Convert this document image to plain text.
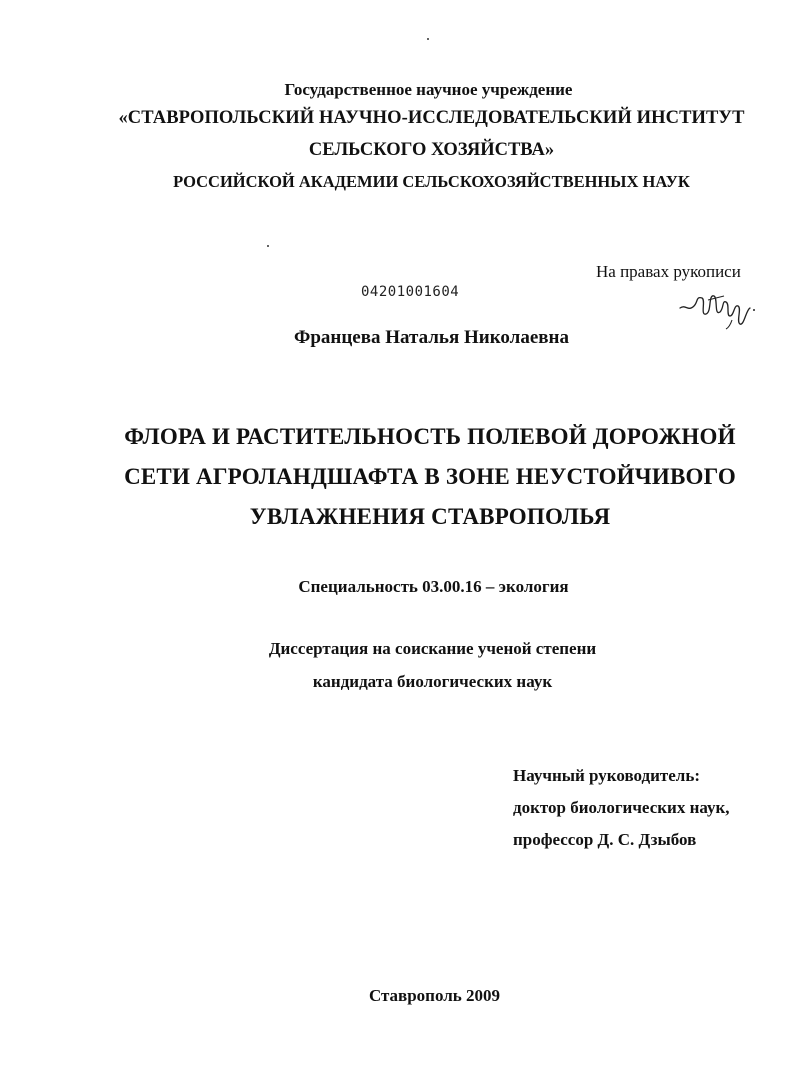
Государственное научное учреждение
«СТАВРОПОЛЬСКИЙ НАУЧНО-ИССЛЕДОВАТЕЛЬСКИЙ ИНСТИТУТ
СЕЛЬСКОГО ХОЗЯЙСТВА»
РОССИЙСКОЙ АКАДЕМИИ СЕЛЬСКОХОЗЯЙСТВЕННЫХ НАУК
На правах рукописи
04201001604
Францева Наталья Николаевна
ФЛОРА И РАСТИТЕЛЬНОСТЬ ПОЛЕВОЙ ДОРОЖНОЙ
СЕТИ АГРОЛАНДШАФТА В ЗОНЕ НЕУСТОЙЧИВОГО
УВЛАЖНЕНИЯ СТАВРОПОЛЬЯ
Специальность 03.00.16 – экология
Диссертация на соискание ученой степени
кандидата биологических наук
Научный руководитель:
доктор биологических наук,
профессор Д. С. Дзыбов
Ставрополь 2009
